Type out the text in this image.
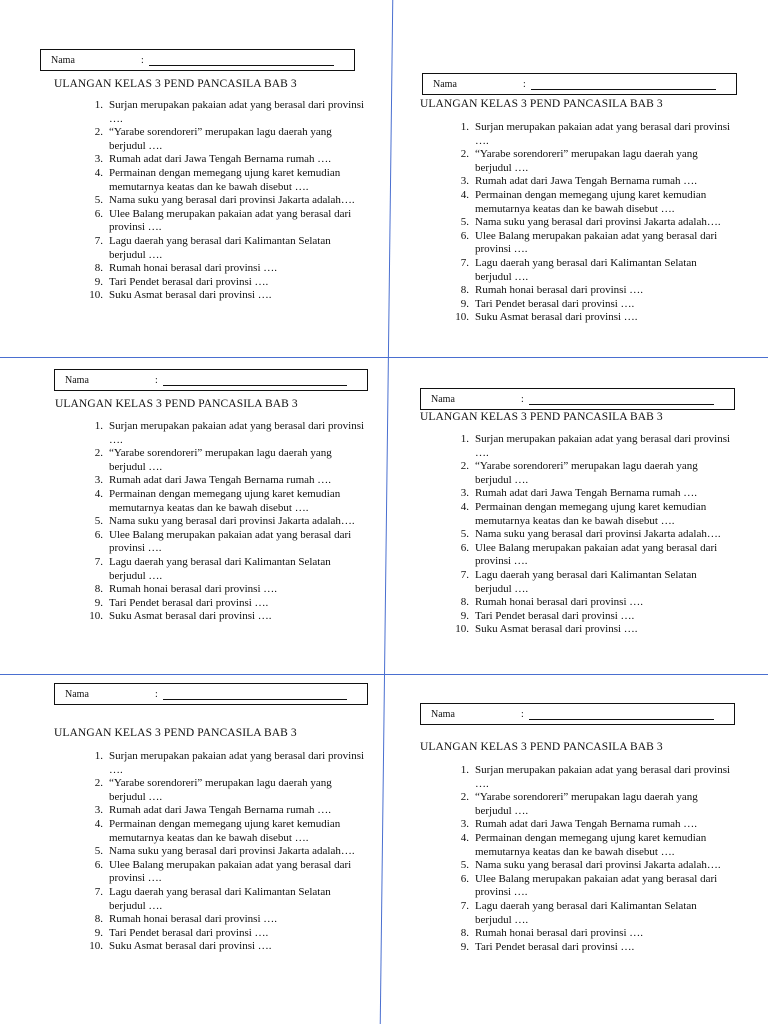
Nama	:
ULANGAN KELAS 3 PEND PANCASILA BAB 3
1. Surjan merupakan pakaian adat yang berasal dari provinsi ….
2. “Yarabe sorendoreri” merupakan lagu daerah yang berjudul ….
3. Rumah adat dari Jawa Tengah Bernama rumah ….
4. Permainan dengan memegang ujung karet kemudian memutarnya keatas dan ke bawah disebut ….
5. Nama suku yang berasal dari provinsi Jakarta adalah….
6. Ulee Balang merupakan pakaian adat yang berasal dari provinsi ….
7. Lagu daerah yang berasal dari Kalimantan Selatan berjudul ….
8. Rumah honai berasal dari provinsi ….
9. Tari Pendet berasal dari provinsi ….
10. Suku Asmat berasal dari provinsi ….
Nama	:
ULANGAN KELAS 3 PEND PANCASILA BAB 3
1. Surjan merupakan pakaian adat yang berasal dari provinsi ….
2. “Yarabe sorendoreri” merupakan lagu daerah yang berjudul ….
3. Rumah adat dari Jawa Tengah Bernama rumah ….
4. Permainan dengan memegang ujung karet kemudian memutarnya keatas dan ke bawah disebut ….
5. Nama suku yang berasal dari provinsi Jakarta adalah….
6. Ulee Balang merupakan pakaian adat yang berasal dari provinsi ….
7. Lagu daerah yang berasal dari Kalimantan Selatan berjudul ….
8. Rumah honai berasal dari provinsi ….
9. Tari Pendet berasal dari provinsi ….
10. Suku Asmat berasal dari provinsi ….
Nama	:
ULANGAN KELAS 3 PEND PANCASILA BAB 3
1. Surjan merupakan pakaian adat yang berasal dari provinsi ….
2. “Yarabe sorendoreri” merupakan lagu daerah yang berjudul ….
3. Rumah adat dari Jawa Tengah Bernama rumah ….
4. Permainan dengan memegang ujung karet kemudian memutarnya keatas dan ke bawah disebut ….
5. Nama suku yang berasal dari provinsi Jakarta adalah….
6. Ulee Balang merupakan pakaian adat yang berasal dari provinsi ….
7. Lagu daerah yang berasal dari Kalimantan Selatan berjudul ….
8. Rumah honai berasal dari provinsi ….
9. Tari Pendet berasal dari provinsi ….
10. Suku Asmat berasal dari provinsi ….
Nama	:
ULANGAN KELAS 3 PEND PANCASILA BAB 3
1. Surjan merupakan pakaian adat yang berasal dari provinsi ….
2. “Yarabe sorendoreri” merupakan lagu daerah yang berjudul ….
3. Rumah adat dari Jawa Tengah Bernama rumah ….
4. Permainan dengan memegang ujung karet kemudian memutarnya keatas dan ke bawah disebut ….
5. Nama suku yang berasal dari provinsi Jakarta adalah….
6. Ulee Balang merupakan pakaian adat yang berasal dari provinsi ….
7. Lagu daerah yang berasal dari Kalimantan Selatan berjudul ….
8. Rumah honai berasal dari provinsi ….
9. Tari Pendet berasal dari provinsi ….
10. Suku Asmat berasal dari provinsi ….
Nama	:
ULANGAN KELAS 3 PEND PANCASILA BAB 3
1. Surjan merupakan pakaian adat yang berasal dari provinsi ….
2. “Yarabe sorendoreri” merupakan lagu daerah yang berjudul ….
3. Rumah adat dari Jawa Tengah Bernama rumah ….
4. Permainan dengan memegang ujung karet kemudian memutarnya keatas dan ke bawah disebut ….
5. Nama suku yang berasal dari provinsi Jakarta adalah….
6. Ulee Balang merupakan pakaian adat yang berasal dari provinsi ….
7. Lagu daerah yang berasal dari Kalimantan Selatan berjudul ….
8. Rumah honai berasal dari provinsi ….
9. Tari Pendet berasal dari provinsi ….
10. Suku Asmat berasal dari provinsi ….
Nama	:
ULANGAN KELAS 3 PEND PANCASILA BAB 3
1. Surjan merupakan pakaian adat yang berasal dari provinsi ….
2. “Yarabe sorendoreri” merupakan lagu daerah yang berjudul ….
3. Rumah adat dari Jawa Tengah Bernama rumah ….
4. Permainan dengan memegang ujung karet kemudian memutarnya keatas dan ke bawah disebut ….
5. Nama suku yang berasal dari provinsi Jakarta adalah….
6. Ulee Balang merupakan pakaian adat yang berasal dari provinsi ….
7. Lagu daerah yang berasal dari Kalimantan Selatan berjudul ….
8. Rumah honai berasal dari provinsi ….
9. Tari Pendet berasal dari provinsi ….
